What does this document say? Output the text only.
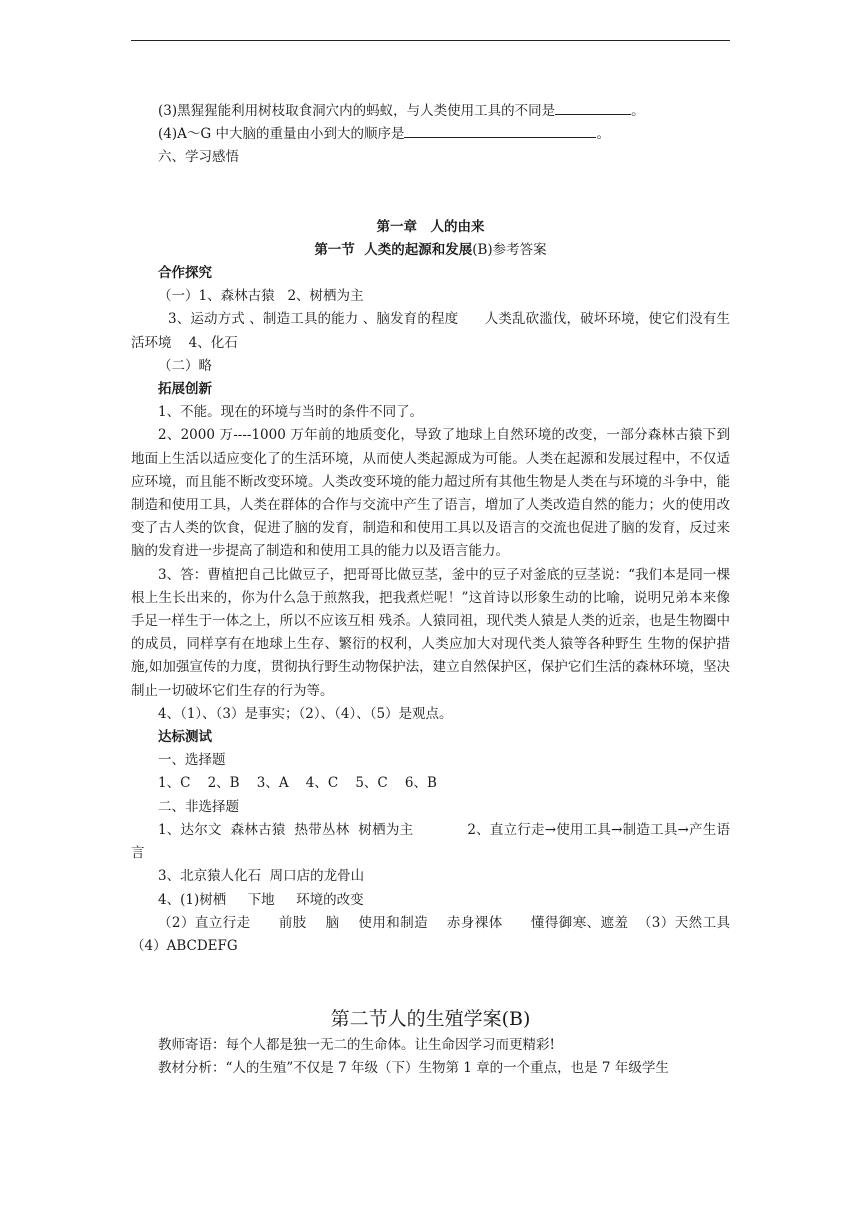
(3)黑猩猩能利用树枝取食洞穴内的蚂蚁，与人类使用工具的不同是	。

(4)A～G 中大脑的重量由小到大的顺序是	。

六、学习感悟

第一章　人的由来

第一节  人类的起源和发展(B)参考答案

合作探究

（一）1、森林古猿   2、树栖为主

3、运动方式 、制造工具的能力 、脑发育的程度      人类乱砍滥伐，破坏环境，使它们没有生活环境    4、化石

（二）略

拓展创新

1、不能。现在的环境与当时的条件不同了。

2、2000 万----1000 万年前的地质变化，导致了地球上自然环境的改变，一部分森林古猿下到地面上生活以适应变化了的生活环境，从而使人类起源成为可能。人类在起源和发展过程中，不仅适应环境，而且能不断改变环境。人类改变环境的能力超过所有其他生物是人类在与环境的斗争中，能制造和使用工具，人类在群体的合作与交流中产生了语言，增加了人类改造自然的能力；火的使用改变了古人类的饮食，促进了脑的发育，制造和和使用工具以及语言的交流也促进了脑的发育，反过来脑的发育进一步提高了制造和和使用工具的能力以及语言能力。

3、答：曹植把自己比做豆子，把哥哥比做豆茎，釜中的豆子对釜底的豆茎说：“我们本是同一棵根上生长出来的，你为什么急于煎熬我，把我煮烂呢！”这首诗以形象生动的比喻，说明兄弟本来像手足一样生于一体之上，所以不应该互相 残杀。人猿同祖，现代类人猿是人类的近亲，也是生物圈中的成员，同样享有在地球上生存、繁衍的权利，人类应加大对现代类人猿等各种野生 生物的保护措施,如加强宣传的力度，贯彻执行野生动物保护法，建立自然保护区，保护它们生活的森林环境，坚决制止一切破坏它们生存的行为等。

4、（1）、（3）是事实；（2）、（4）、（5）是观点。

达标测试

一、选择题

1、C    2、B    3、A    4、C    5、C    6、B

二、非选择题

1、达尔文  森林古猿  热带丛林  树栖为主            2、直立行走→使用工具→制造工具→产生语言

3、北京猿人化石  周口店的龙骨山

4、(1)树栖     下地     环境的改变

（2）直立行走      前肢    脑    使用和制造    赤身裸体      懂得御寒、遮羞  （3）天然工具            （4）ABCDEFG

第二节人的生殖学案(B)

教师寄语：每个人都是独一无二的生命体。让生命因学习而更精彩!

教材分析：“人的生殖”不仅是 7 年级（下）生物第 1 章的一个重点，也是 7 年级学生
